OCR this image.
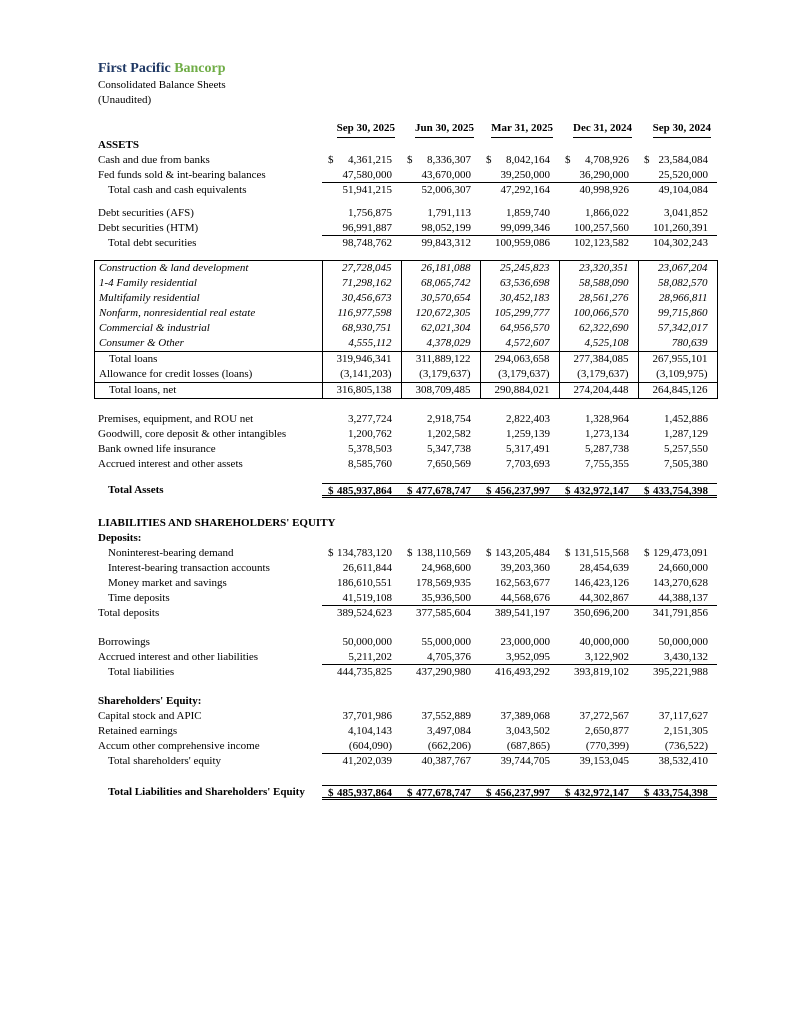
First Pacific Bancorp
Consolidated Balance Sheets
(Unaudited)
Sep 30, 2025 Jun 30, 2025 Mar 31, 2025 Dec 31, 2024 Sep 30, 2024
ASSETS
Cash and due from banks	$ 4,361,215 $ 8,336,307 $ 8,042,164 $ 4,708,926 $ 23,584,084
Fed funds sold & int-bearing balances	47,580,000	43,670,000	39,250,000	36,290,000	25,520,000
Total cash and cash equivalents	51,941,215	52,006,307	47,292,164	40,998,926	49,104,084
Debt securities (AFS)	1,756,875	1,791,113	1,859,740	1,866,022	3,041,852
Debt securities (HTM)	96,991,887	98,052,199	99,099,346 100,257,560 101,260,391
Total debt securities	98,748,762	99,843,312 100,959,086 102,123,582 104,302,243
Construction & land development	27,728,045	26,181,088	25,245,823	23,320,351	23,067,204
1-4 Family residential	71,298,162	68,065,742	63,536,698	58,588,090	58,082,570
Multifamily residential	30,456,673	30,570,654	30,452,183	28,561,276	28,966,811
Nonfarm, nonresidential real estate	116,977,598 120,672,305 105,299,777 100,066,570	99,715,860
Commercial & industrial	68,930,751	62,021,304	64,956,570	62,322,690	57,342,017
Consumer & Other	4,555,112	4,378,029	4,572,607	4,525,108	780,639
Total loans	319,946,341 311,889,122 294,063,658 277,384,085 267,955,101
Allowance for credit losses (loans)	(3,141,203)	(3,179,637)	(3,179,637)	(3,179,637)	(3,109,975)
Total loans, net	316,805,138 308,709,485 290,884,021 274,204,448 264,845,126
Premises, equipment, and ROU net	3,277,724	2,918,754	2,822,403	1,328,964	1,452,886
Goodwill, core deposit & other intangibles	1,200,762	1,202,582	1,259,139	1,273,134	1,287,129
Bank owned life insurance	5,378,503	5,347,738	5,317,491	5,287,738	5,257,550
Accrued interest and other assets	8,585,760	7,650,569	7,703,693	7,755,355	7,505,380
Total Assets	$ 485,937,864 $ 477,678,747 $ 456,237,997 $ 432,972,147 $ 433,754,398
LIABILITIES AND SHAREHOLDERS' EQUITY
Deposits:
Noninterest-bearing demand	$ 134,783,120 $ 138,110,569 $ 143,205,484 $ 131,515,568 $ 129,473,091
Interest-bearing transaction accounts	26,611,844	24,968,600	39,203,360	28,454,639	24,660,000
Money market and savings	186,610,551 178,569,935 162,563,677 146,423,126 143,270,628
Time deposits	41,519,108	35,936,500	44,568,676	44,302,867	44,388,137
Total deposits	389,524,623 377,585,604 389,541,197 350,696,200 341,791,856
Borrowings	50,000,000	55,000,000	23,000,000	40,000,000	50,000,000
Accrued interest and other liabilities	5,211,202	4,705,376	3,952,095	3,122,902	3,430,132
Total liabilities	444,735,825 437,290,980 416,493,292 393,819,102 395,221,988
Shareholders' Equity:
Capital stock and APIC	37,701,986	37,552,889	37,389,068	37,272,567	37,117,627
Retained earnings	4,104,143	3,497,084	3,043,502	2,650,877	2,151,305
Accum other comprehensive income	(604,090)	(662,206)	(687,865)	(770,399)	(736,522)
Total shareholders' equity	41,202,039	40,387,767	39,744,705	39,153,045	38,532,410
Total Liabilities and Shareholders' Equity	$ 485,937,864 $ 477,678,747 $ 456,237,997 $ 432,972,147 $ 433,754,398
